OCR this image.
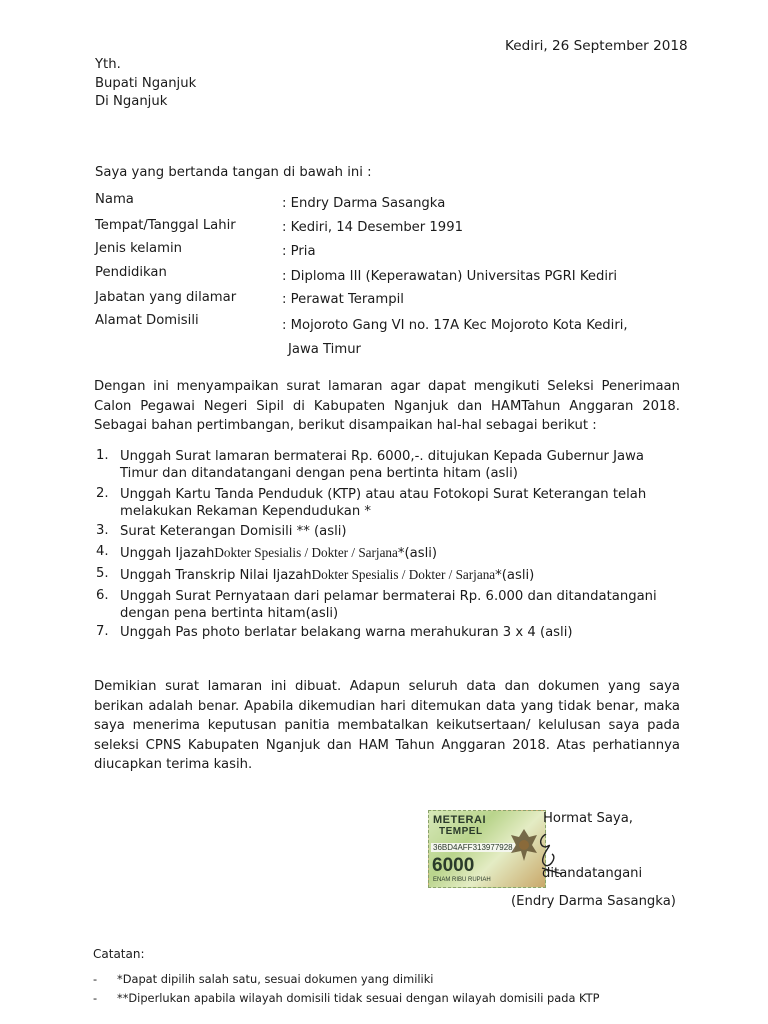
Kediri, 26 September 2018
Yth.
Bupati Nganjuk
Di Nganjuk
Saya yang bertanda tangan di bawah ini :
Nama	: Endry Darma Sasangka
Tempat/Tanggal Lahir	: Kediri, 14 Desember 1991
Jenis kelamin	: Pria
Pendidikan	: Diploma III (Keperawatan) Universitas PGRI Kediri
Jabatan yang dilamar	: Perawat Terampil
Alamat Domisili	: Mojoroto Gang VI no. 17A Kec Mojoroto Kota Kediri,
Jawa Timur
Dengan ini menyampaikan surat lamaran agar dapat mengikuti Seleksi Penerimaan
Calon Pegawai Negeri Sipil di Kabupaten Nganjuk dan HAMTahun Anggaran 2018.
Sebagai bahan pertimbangan, berikut disampaikan hal-hal sebagai berikut :
1. Unggah Surat lamaran bermaterai Rp. 6000,-. ditujukan Kepada Gubernur Jawa
Timur dan ditandatangani dengan pena bertinta hitam (asli)
2. Unggah Kartu Tanda Penduduk (KTP) atau atau Fotokopi Surat Keterangan telah
melakukan Rekaman Kependudukan *
3. Surat Keterangan Domisili ** (asli)
4. Unggah IjazahDokter Spesialis / Dokter / Sarjana*(asli)
5. Unggah Transkrip Nilai IjazahDokter Spesialis / Dokter / Sarjana*(asli)
6. Unggah Surat Pernyataan dari pelamar bermaterai Rp. 6.000 dan ditandatangani
dengan pena bertinta hitam(asli)
7. Unggah Pas photo berlatar belakang warna merahukuran 3 x 4 (asli)
Demikian surat lamaran ini dibuat. Adapun seluruh data dan dokumen yang saya
berikan adalah benar. Apabila dikemudian hari ditemukan data yang tidak benar, maka
saya menerima keputusan panitia membatalkan keikutsertaan/ kelulusan saya pada
seleksi CPNS Kabupaten Nganjuk dan HAM Tahun Anggaran 2018. Atas perhatiannya
diucapkan terima kasih.
METERAI
TEMPEL
36BD4AFF313977928
6000
ENAM RIBU RUPIAH
Hormat Saya,
ditandatangani
(Endry Darma Sasangka)
Catatan:
- *Dapat dipilih salah satu, sesuai dokumen yang dimiliki
- **Diperlukan apabila wilayah domisili tidak sesuai dengan wilayah domisili pada KTP
